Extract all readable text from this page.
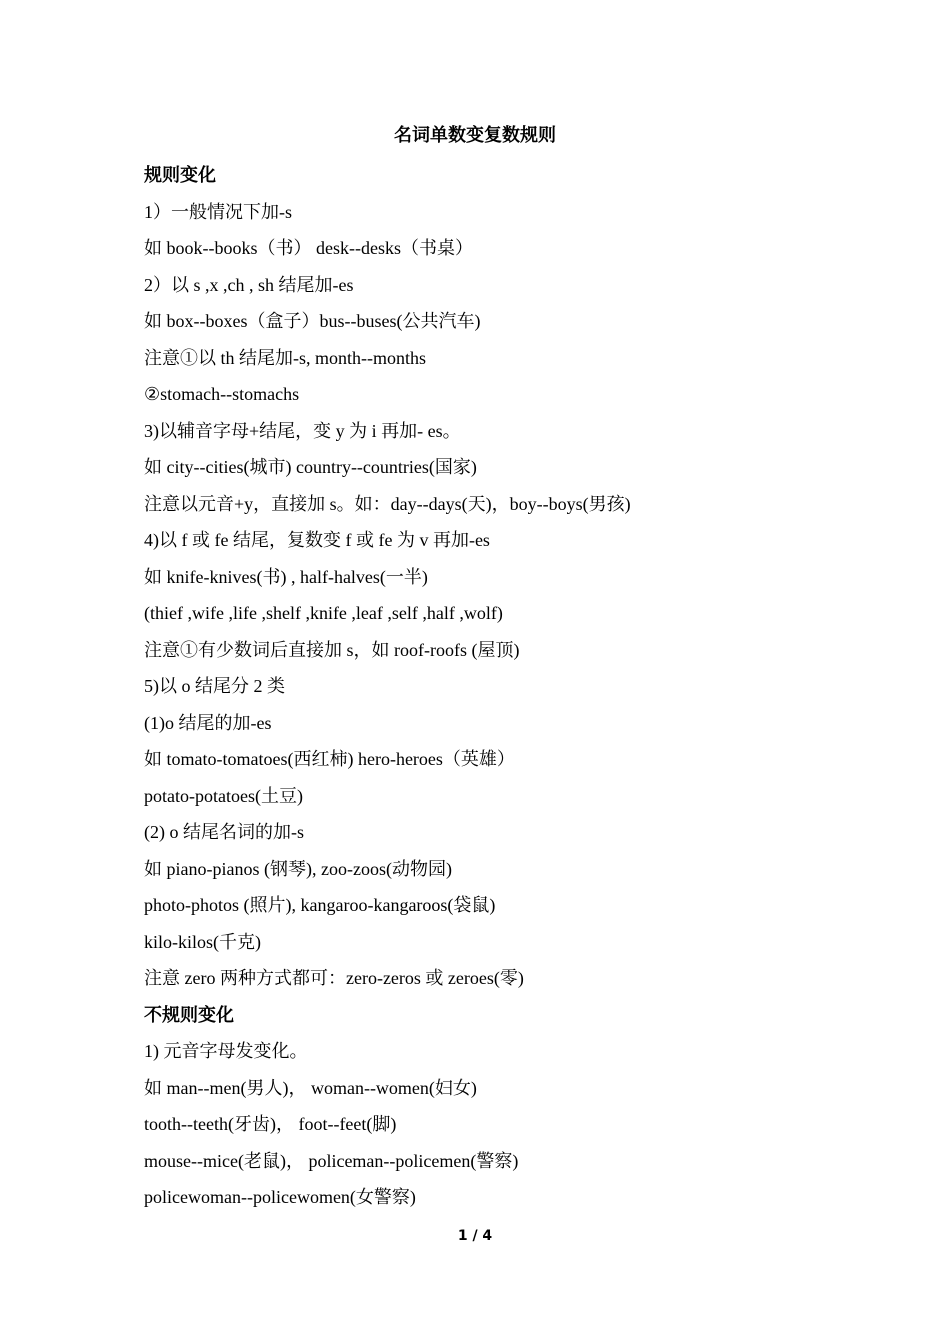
名词单数变复数规则
规则变化
1）一般情况下加-s
如 book--books（书） desk--desks（书桌）
2）以 s ,x ,ch , sh 结尾加-es
如 box--boxes（盒子）bus--buses(公共汽车)
注意①以 th 结尾加-s, month--months
②stomach--stomachs
3)以辅音字母+结尾，变 y 为 i 再加- es。
如 city--cities(城市) country--countries(国家)
注意以元音+y，直接加 s。如：day--days(天)，boy--boys(男孩)
4)以 f 或 fe 结尾，复数变 f 或 fe 为 v 再加-es
如 knife-knives(书) , half-halves(一半)
(thief ,wife ,life ,shelf ,knife ,leaf ,self ,half ,wolf)
注意①有少数词后直接加 s，如 roof-roofs (屋顶)
5)以 o 结尾分 2 类
(1)o 结尾的加-es
如 tomato-tomatoes(西红柿) hero-heroes（英雄）
potato-potatoes(土豆)
(2) o 结尾名词的加-s
如 piano-pianos (钢琴), zoo-zoos(动物园)
photo-photos (照片), kangaroo-kangaroos(袋鼠)
kilo-kilos(千克)
注意 zero 两种方式都可：zero-zeros 或 zeroes(零)
不规则变化
1) 元音字母发变化。
如 man--men(男人)， woman--women(妇女)
tooth--teeth(牙齿)， foot--feet(脚)
mouse--mice(老鼠)， policeman--policemen(警察)
policewoman--policewomen(女警察)
1 / 4
